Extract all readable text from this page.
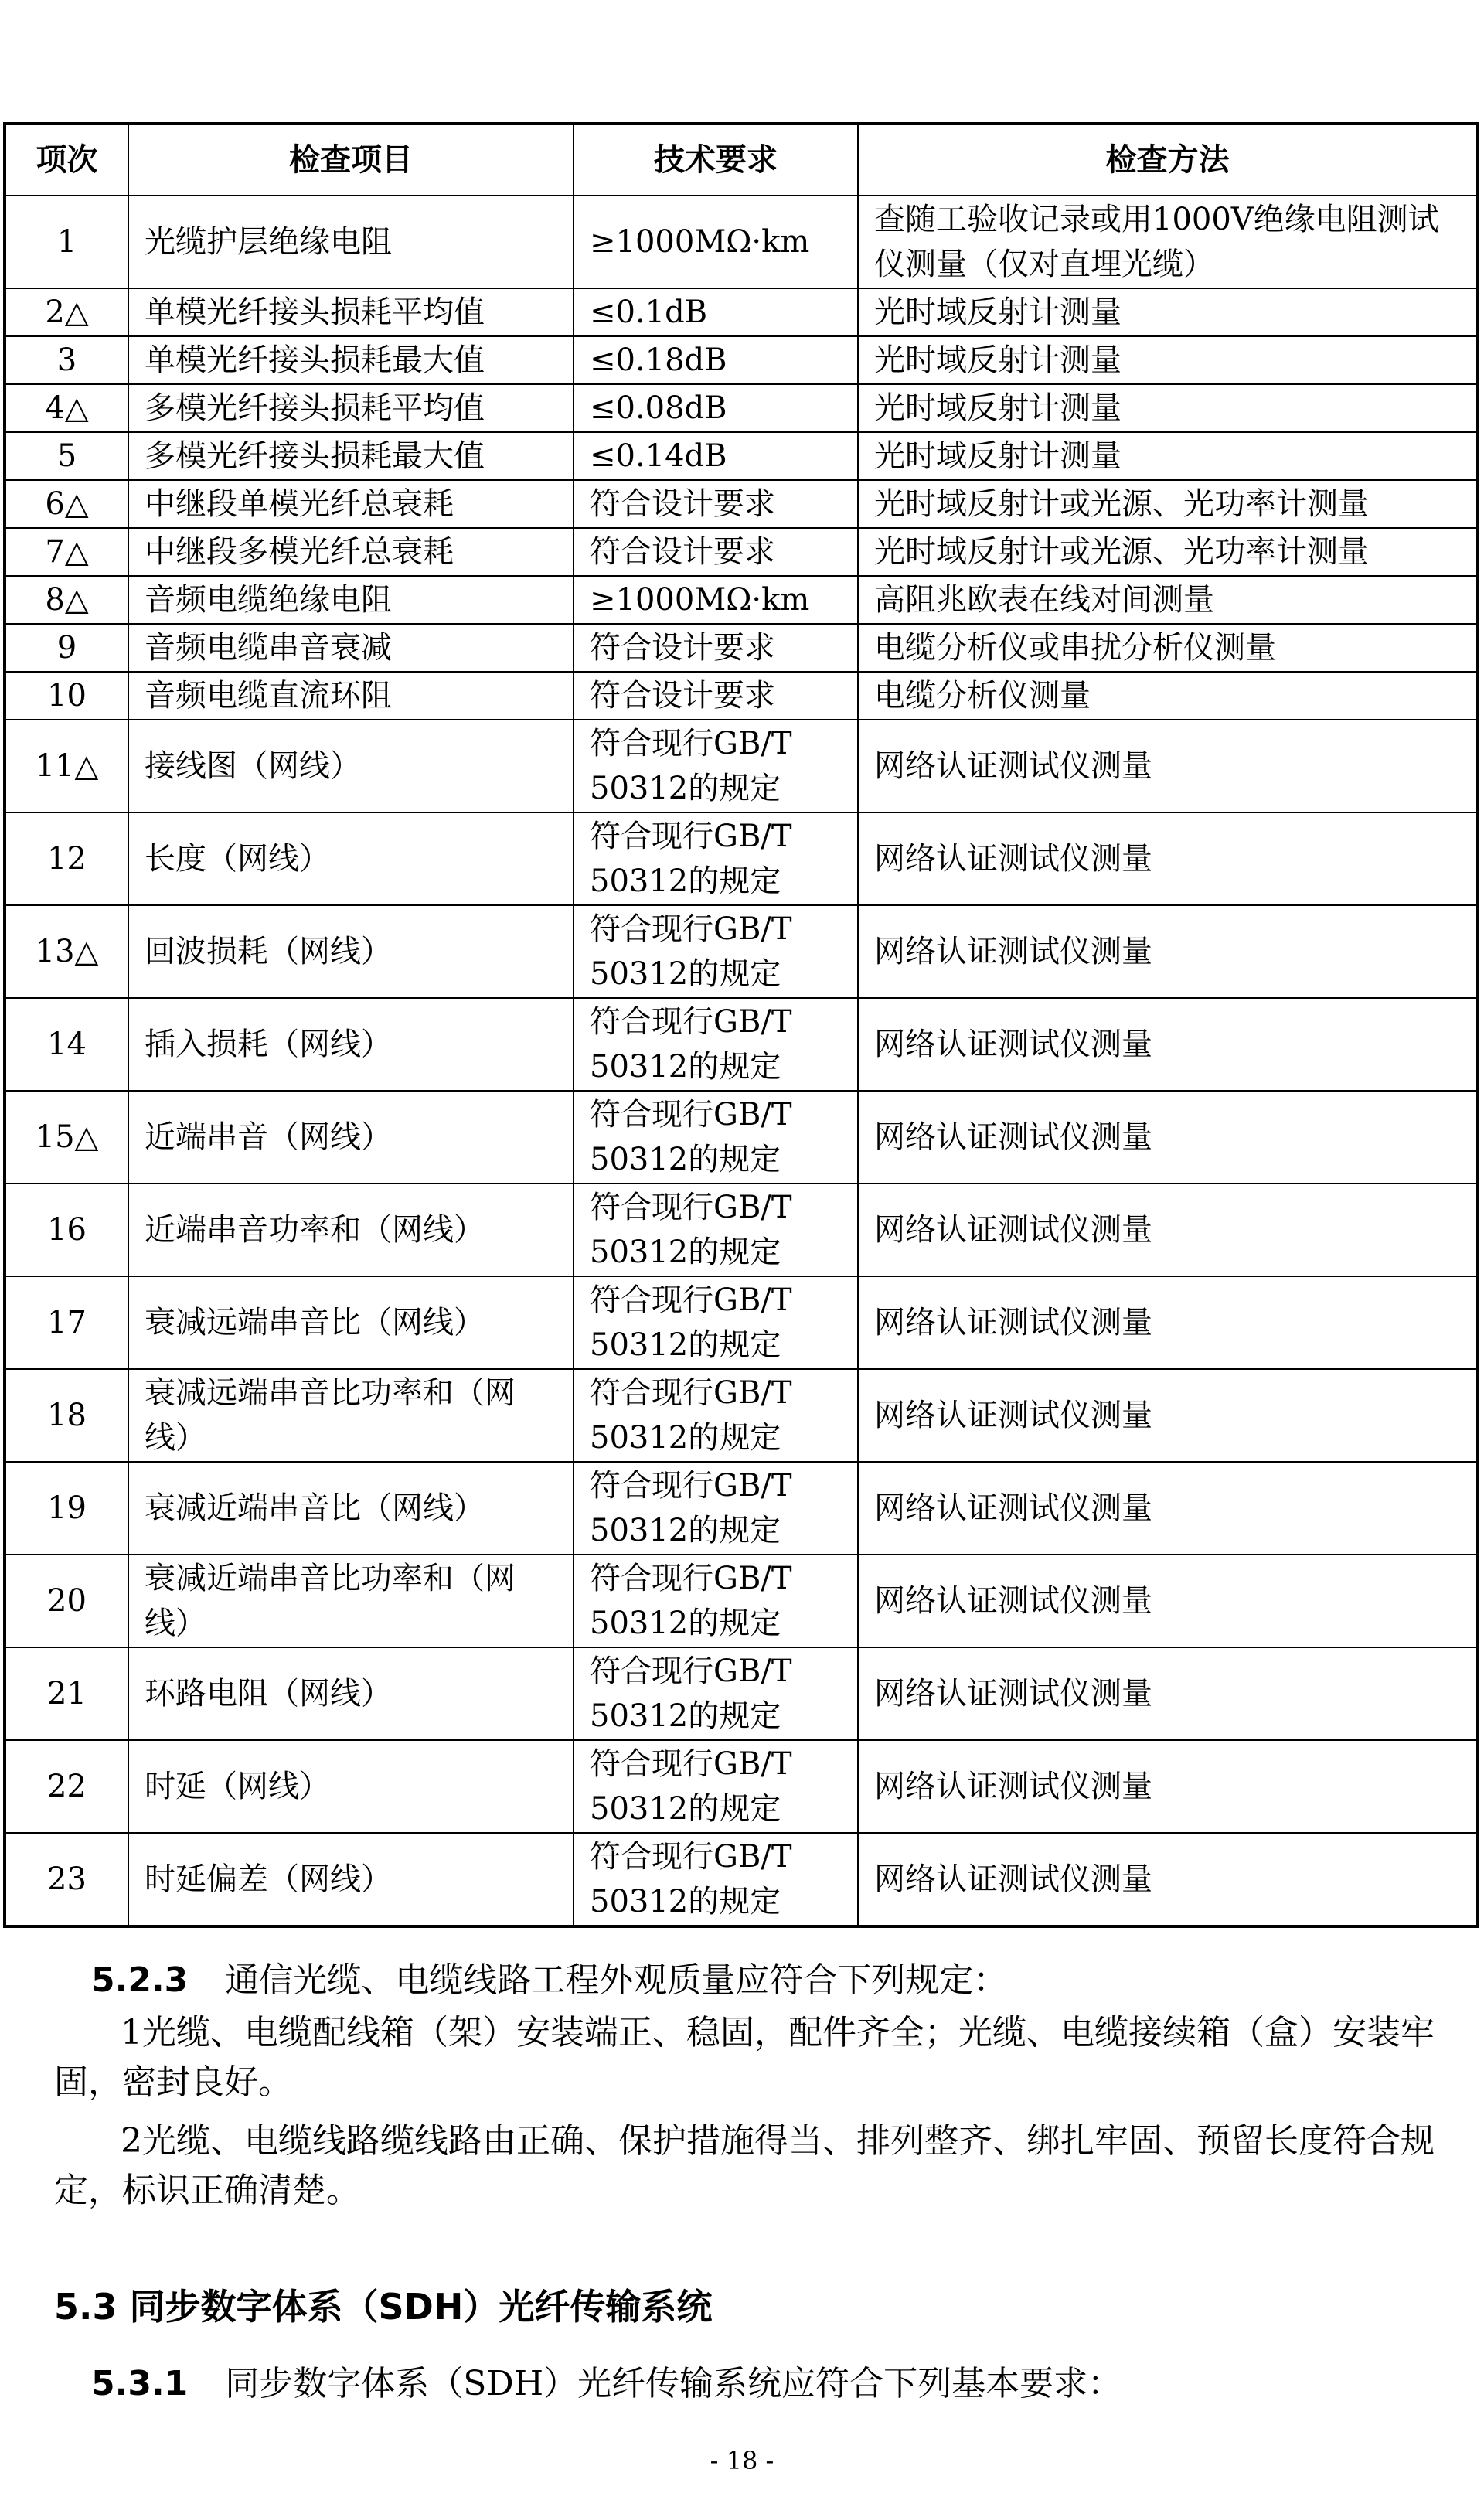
项次	检查项目	技术要求	检查方法
1	光缆护层绝缘电阻	≥1000MΩ·km	查随工验收记录或用1000V绝缘电阻测试仪测量（仅对直埋光缆）
2△	单模光纤接头损耗平均值	≤0.1dB	光时域反射计测量
3	单模光纤接头损耗最大值	≤0.18dB	光时域反射计测量
4△	多模光纤接头损耗平均值	≤0.08dB	光时域反射计测量
5	多模光纤接头损耗最大值	≤0.14dB	光时域反射计测量
6△	中继段单模光纤总衰耗	符合设计要求	光时域反射计或光源、光功率计测量
7△	中继段多模光纤总衰耗	符合设计要求	光时域反射计或光源、光功率计测量
8△	音频电缆绝缘电阻	≥1000MΩ·km	高阻兆欧表在线对间测量
9	音频电缆串音衰减	符合设计要求	电缆分析仪或串扰分析仪测量
10	音频电缆直流环阻	符合设计要求	电缆分析仪测量
11△	接线图（网线）	符合现行GB/T 50312的规定	网络认证测试仪测量
12	长度（网线）	符合现行GB/T 50312的规定	网络认证测试仪测量
13△	回波损耗（网线）	符合现行GB/T 50312的规定	网络认证测试仪测量
14	插入损耗（网线）	符合现行GB/T 50312的规定	网络认证测试仪测量
15△	近端串音（网线）	符合现行GB/T 50312的规定	网络认证测试仪测量
16	近端串音功率和（网线）	符合现行GB/T 50312的规定	网络认证测试仪测量
17	衰减远端串音比（网线）	符合现行GB/T 50312的规定	网络认证测试仪测量
18	衰减远端串音比功率和（网线）	符合现行GB/T 50312的规定	网络认证测试仪测量
19	衰减近端串音比（网线）	符合现行GB/T 50312的规定	网络认证测试仪测量
20	衰减近端串音比功率和（网线）	符合现行GB/T 50312的规定	网络认证测试仪测量
21	环路电阻（网线）	符合现行GB/T 50312的规定	网络认证测试仪测量
22	时延（网线）	符合现行GB/T 50312的规定	网络认证测试仪测量
23	时延偏差（网线）	符合现行GB/T 50312的规定	网络认证测试仪测量
5.2.3 通信光缆、电缆线路工程外观质量应符合下列规定：
1光缆、电缆配线箱（架）安装端正、稳固，配件齐全；光缆、电缆接续箱（盒）安装牢固，密封良好。
2光缆、电缆线路缆线路由正确、保护措施得当、排列整齐、绑扎牢固、预留长度符合规定，标识正确清楚。
5.3 同步数字体系（SDH）光纤传输系统
5.3.1 同步数字体系（SDH）光纤传输系统应符合下列基本要求：
- 18 -
